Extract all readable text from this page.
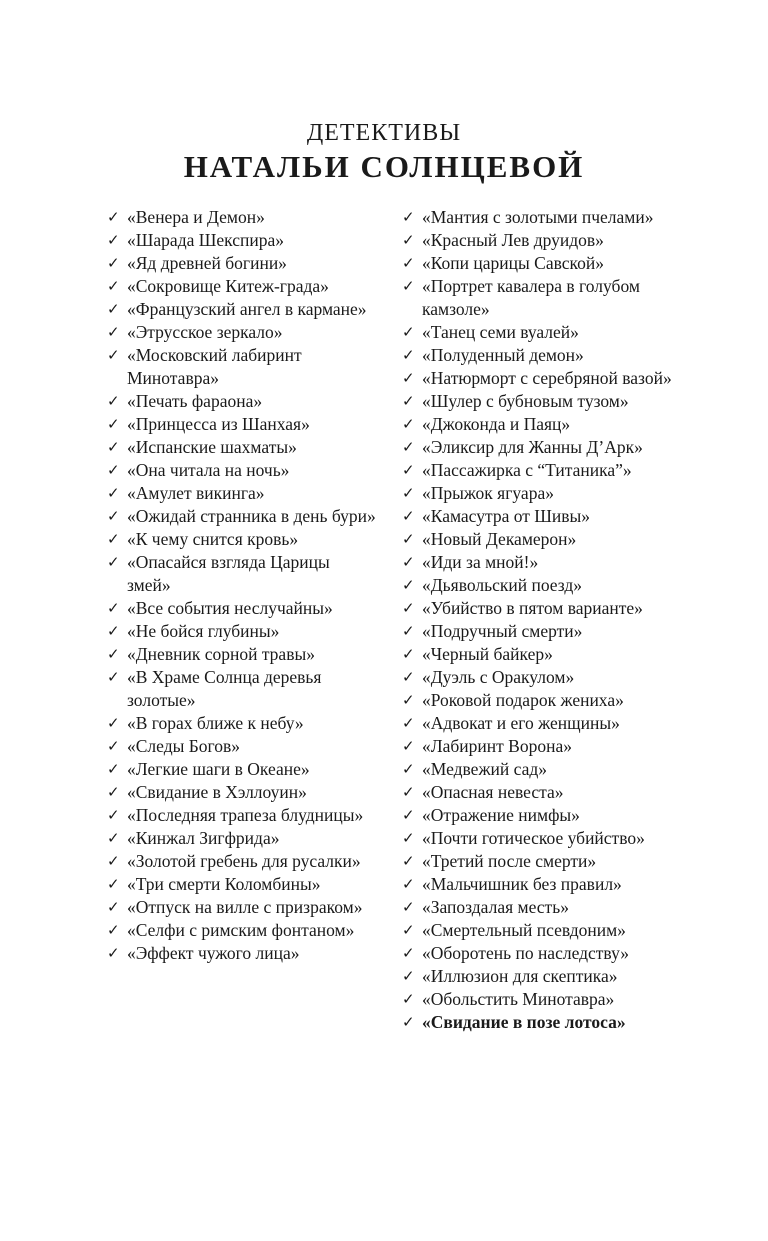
ДЕТЕКТИВЫ
НАТАЛЬИ СОЛНЦЕВОЙ
✓ «Венера и Демон»
✓ «Шарада Шекспира»
✓ «Яд древней богини»
✓ «Сокровище Китеж-града»
✓ «Французский ангел в кармане»
✓ «Этрусское зеркало»
✓ «Московский лабиринт Минотавра»
✓ «Печать фараона»
✓ «Принцесса из Шанхая»
✓ «Испанские шахматы»
✓ «Она читала на ночь»
✓ «Амулет викинга»
✓ «Ожидай странника в день бури»
✓ «К чему снится кровь»
✓ «Опасайся взгляда Царицы змей»
✓ «Все события неслучайны»
✓ «Не бойся глубины»
✓ «Дневник сорной травы»
✓ «В Храме Солнца деревья золотые»
✓ «В горах ближе к небу»
✓ «Следы Богов»
✓ «Легкие шаги в Океане»
✓ «Свидание в Хэллоуин»
✓ «Последняя трапеза блудницы»
✓ «Кинжал Зигфрида»
✓ «Золотой гребень для русалки»
✓ «Три смерти Коломбины»
✓ «Отпуск на вилле с призраком»
✓ «Селфи с римским фонтаном»
✓ «Эффект чужого лица»
✓ «Мантия с золотыми пчелами»
✓ «Красный Лев друидов»
✓ «Копи царицы Савской»
✓ «Портрет кавалера в голубом камзоле»
✓ «Танец семи вуалей»
✓ «Полуденный демон»
✓ «Натюрморт с серебряной вазой»
✓ «Шулер с бубновым тузом»
✓ «Джоконда и Паяц»
✓ «Эликсир для Жанны Д’Арк»
✓ «Пассажирка с “Титаника”»
✓ «Прыжок ягуара»
✓ «Камасутра от Шивы»
✓ «Новый Декамерон»
✓ «Иди за мной!»
✓ «Дьявольский поезд»
✓ «Убийство в пятом варианте»
✓ «Подручный смерти»
✓ «Черный байкер»
✓ «Дуэль с Оракулом»
✓ «Роковой подарок жениха»
✓ «Адвокат и его женщины»
✓ «Лабиринт Ворона»
✓ «Медвежий сад»
✓ «Опасная невеста»
✓ «Отражение нимфы»
✓ «Почти готическое убийство»
✓ «Третий после смерти»
✓ «Мальчишник без правил»
✓ «Запоздалая месть»
✓ «Смертельный псевдоним»
✓ «Оборотень по наследству»
✓ «Иллюзион для скептика»
✓ «Обольстить Минотавра»
✓ «Свидание в позе лотоса»
